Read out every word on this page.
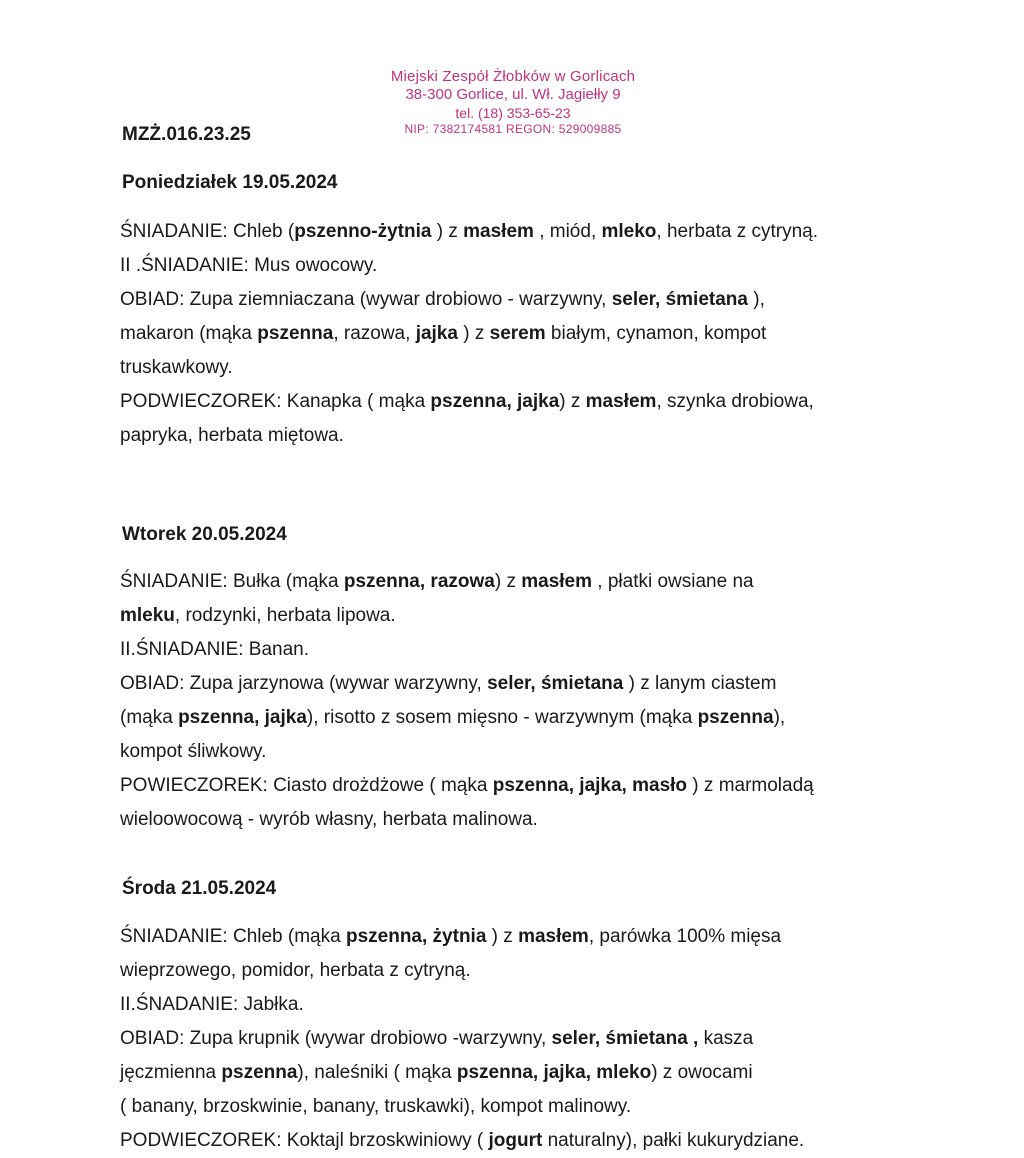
Miejski Zespół Żłobków w Gorlicach
38-300 Gorlice, ul. Wł. Jagiełły 9
tel. (18) 353-65-23
NIP: 7382174581 REGON: 529009885
MZŻ.016.23.25
Poniedziałek 19.05.2024

ŚNIADANIE: Chleb (pszenno-żytnia ) z masłem , miód, mleko, herbata z cytryną.

II .ŚNIADANIE: Mus owocowy.

OBIAD: Zupa ziemniaczana (wywar drobiowo - warzywny, seler, śmietana ),

makaron (mąka pszenna, razowa, jajka ) z serem białym, cynamon, kompot

truskawkowy.

PODWIECZOREK: Kanapka ( mąka pszenna, jajka) z masłem, szynka drobiowa,

papryka, herbata miętowa.

Wtorek 20.05.2024

ŚNIADANIE: Bułka (mąka pszenna, razowa) z masłem , płatki owsiane na

mleku, rodzynki, herbata lipowa.

II.ŚNIADANIE: Banan.

OBIAD: Zupa jarzynowa (wywar warzywny, seler, śmietana ) z lanym ciastem

(mąka pszenna, jajka), risotto z sosem mięsno - warzywnym (mąka pszenna),

kompot śliwkowy.

POWIECZOREK: Ciasto drożdżowe ( mąka pszenna, jajka, masło ) z marmoladą

wieloowocową - wyrób własny, herbata malinowa.

Środa 21.05.2024

ŚNIADANIE: Chleb (mąka pszenna, żytnia ) z masłem, parówka 100% mięsa

wieprzowego, pomidor, herbata z cytryną.

II.ŚNADANIE: Jabłka.

OBIAD: Zupa krupnik (wywar drobiowo -warzywny, seler, śmietana , kasza

jęczmienna pszenna), naleśniki ( mąka pszenna, jajka, mleko) z owocami

( banany, brzoskwinie, banany, truskawki), kompot malinowy.

PODWIECZOREK: Koktajl brzoskwiniowy ( jogurt naturalny), pałki kukurydziane.
